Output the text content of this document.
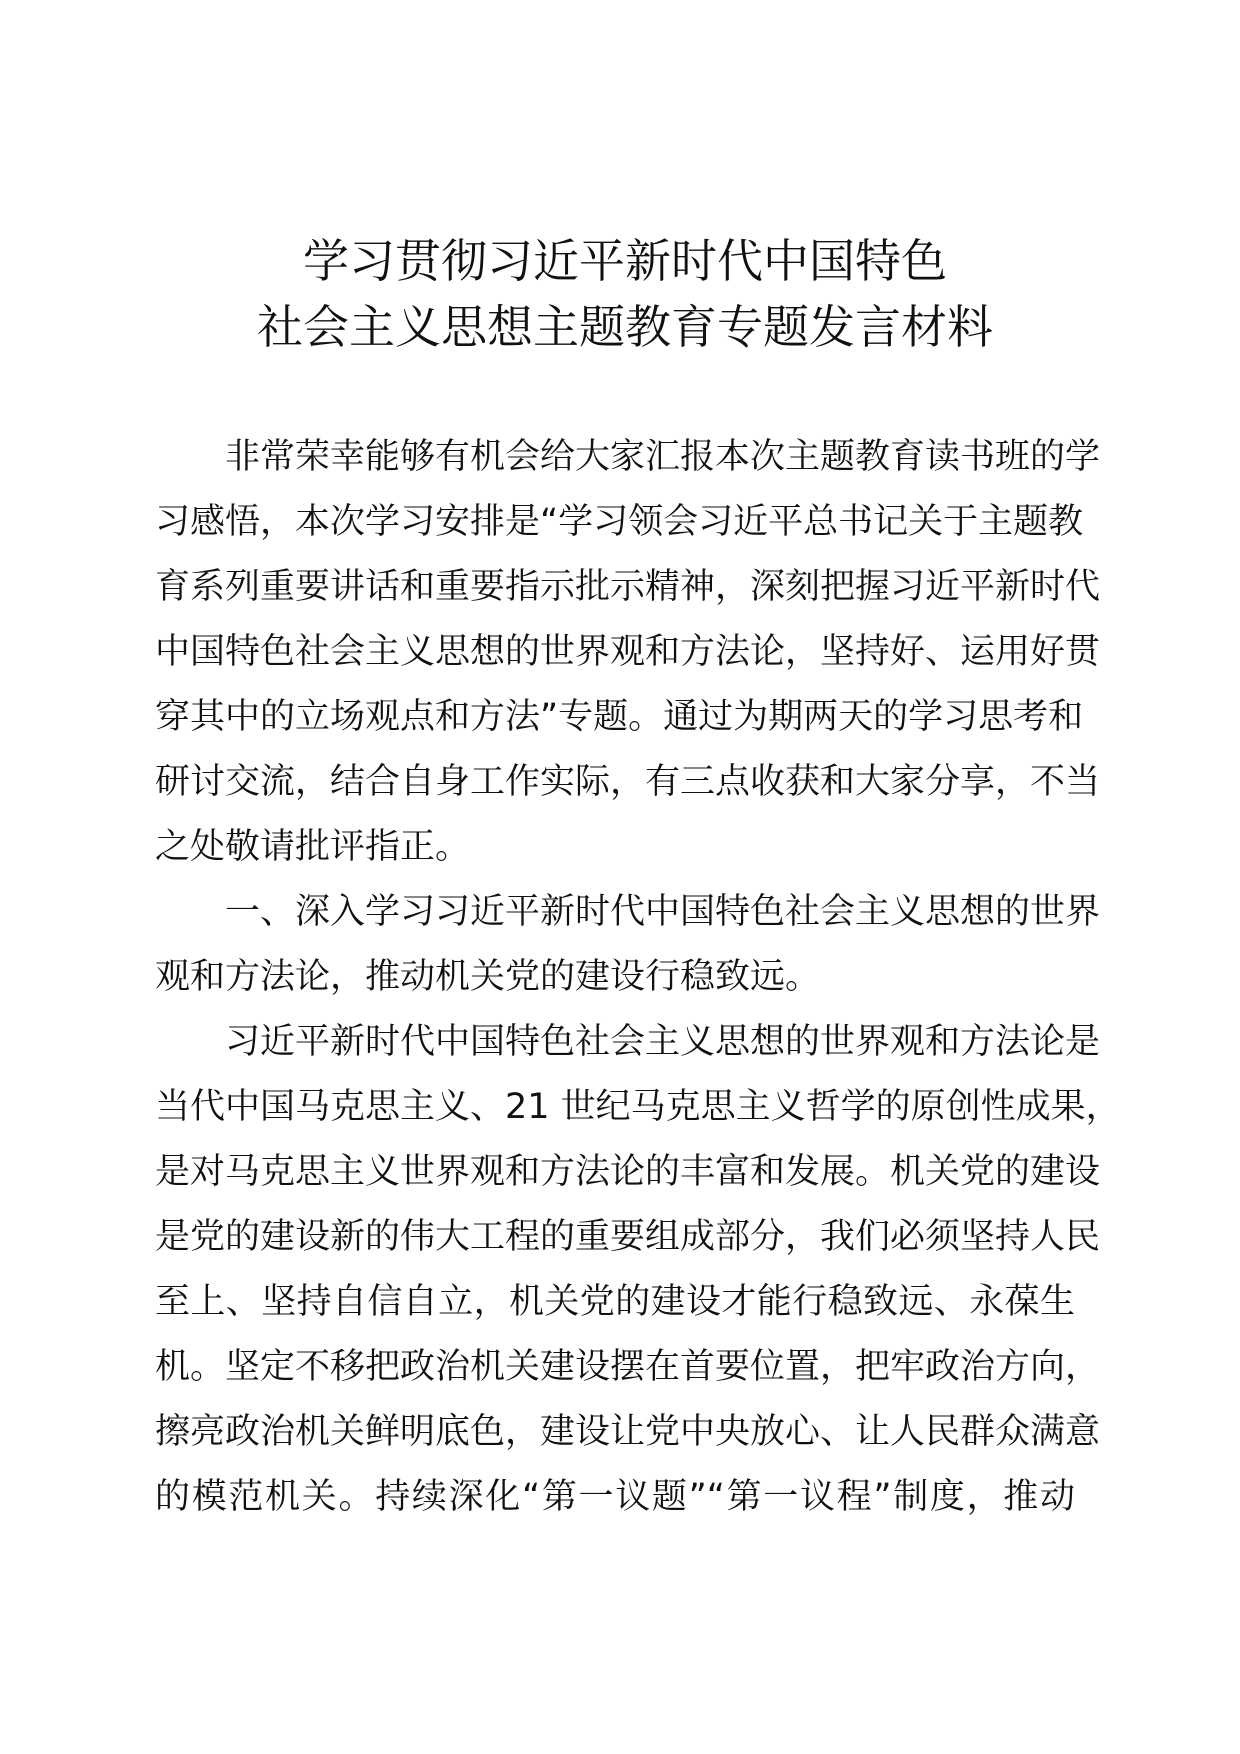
学习贯彻习近平新时代中国特色
社会主义思想主题教育专题发言材料
非常荣幸能够有机会给大家汇报本次主题教育读书班的学
习感悟，本次学习安排是“学习领会习近平总书记关于主题教
育系列重要讲话和重要指示批示精神，深刻把握习近平新时代
中国特色社会主义思想的世界观和方法论，坚持好、运用好贯
穿其中的立场观点和方法”专题。通过为期两天的学习思考和
研讨交流，结合自身工作实际，有三点收获和大家分享，不当
之处敬请批评指正。
一、深入学习习近平新时代中国特色社会主义思想的世界
观和方法论，推动机关党的建设行稳致远。
习近平新时代中国特色社会主义思想的世界观和方法论是
当代中国马克思主义、21 世纪马克思主义哲学的原创性成果，
是对马克思主义世界观和方法论的丰富和发展。机关党的建设
是党的建设新的伟大工程的重要组成部分，我们必须坚持人民
至上、坚持自信自立，机关党的建设才能行稳致远、永葆生
机。坚定不移把政治机关建设摆在首要位置，把牢政治方向，
擦亮政治机关鲜明底色，建设让党中央放心、让人民群众满意
的模范机关。持续深化“第一议题”“第一议程”制度，推动
